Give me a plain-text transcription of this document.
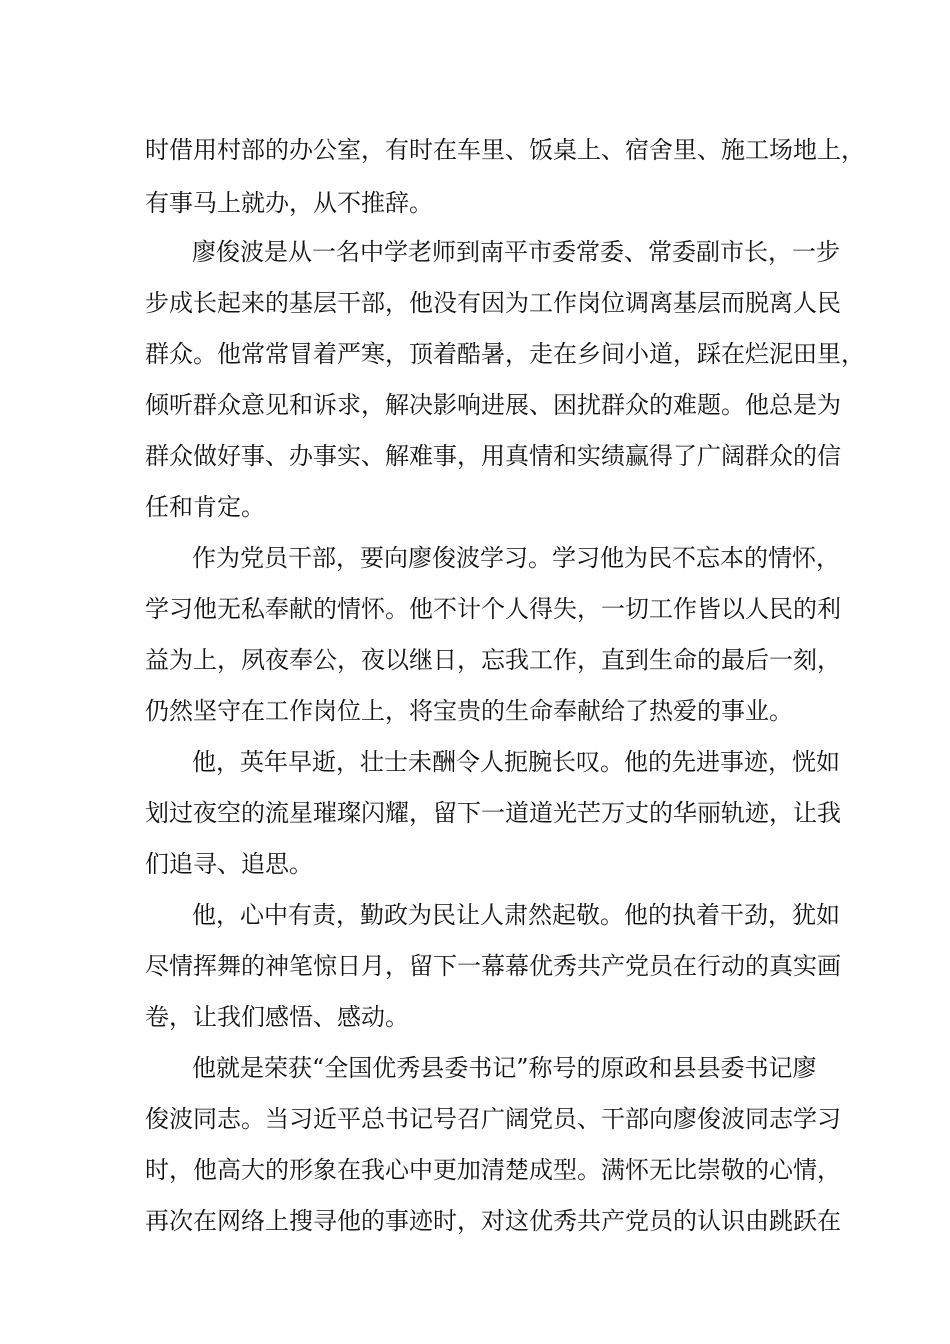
时借用村部的办公室，有时在车里、饭桌上、宿舍里、施工场地上，
有事马上就办，从不推辞。
廖俊波是从一名中学老师到南平市委常委、常委副市长，一步
步成长起来的基层干部，他没有因为工作岗位调离基层而脱离人民
群众。他常常冒着严寒，顶着酷暑，走在乡间小道，踩在烂泥田里，
倾听群众意见和诉求，解决影响进展、困扰群众的难题。他总是为
群众做好事、办事实、解难事，用真情和实绩赢得了广阔群众的信
任和肯定。
作为党员干部，要向廖俊波学习。学习他为民不忘本的情怀，
学习他无私奉献的情怀。他不计个人得失，一切工作皆以人民的利
益为上，夙夜奉公，夜以继日，忘我工作，直到生命的最后一刻，
仍然坚守在工作岗位上，将宝贵的生命奉献给了热爱的事业。
他，英年早逝，壮士未酬令人扼腕长叹。他的先进事迹，恍如
划过夜空的流星璀璨闪耀，留下一道道光芒万丈的华丽轨迹，让我
们追寻、追思。
他，心中有责，勤政为民让人肃然起敬。他的执着干劲，犹如
尽情挥舞的神笔惊日月，留下一幕幕优秀共产党员在行动的真实画
卷，让我们感悟、感动。
他就是荣获“全国优秀县委书记”称号的原政和县县委书记廖
俊波同志。当习近平总书记号召广阔党员、干部向廖俊波同志学习
时，他高大的形象在我心中更加清楚成型。满怀无比崇敬的心情，
再次在网络上搜寻他的事迹时，对这优秀共产党员的认识由跳跃在
